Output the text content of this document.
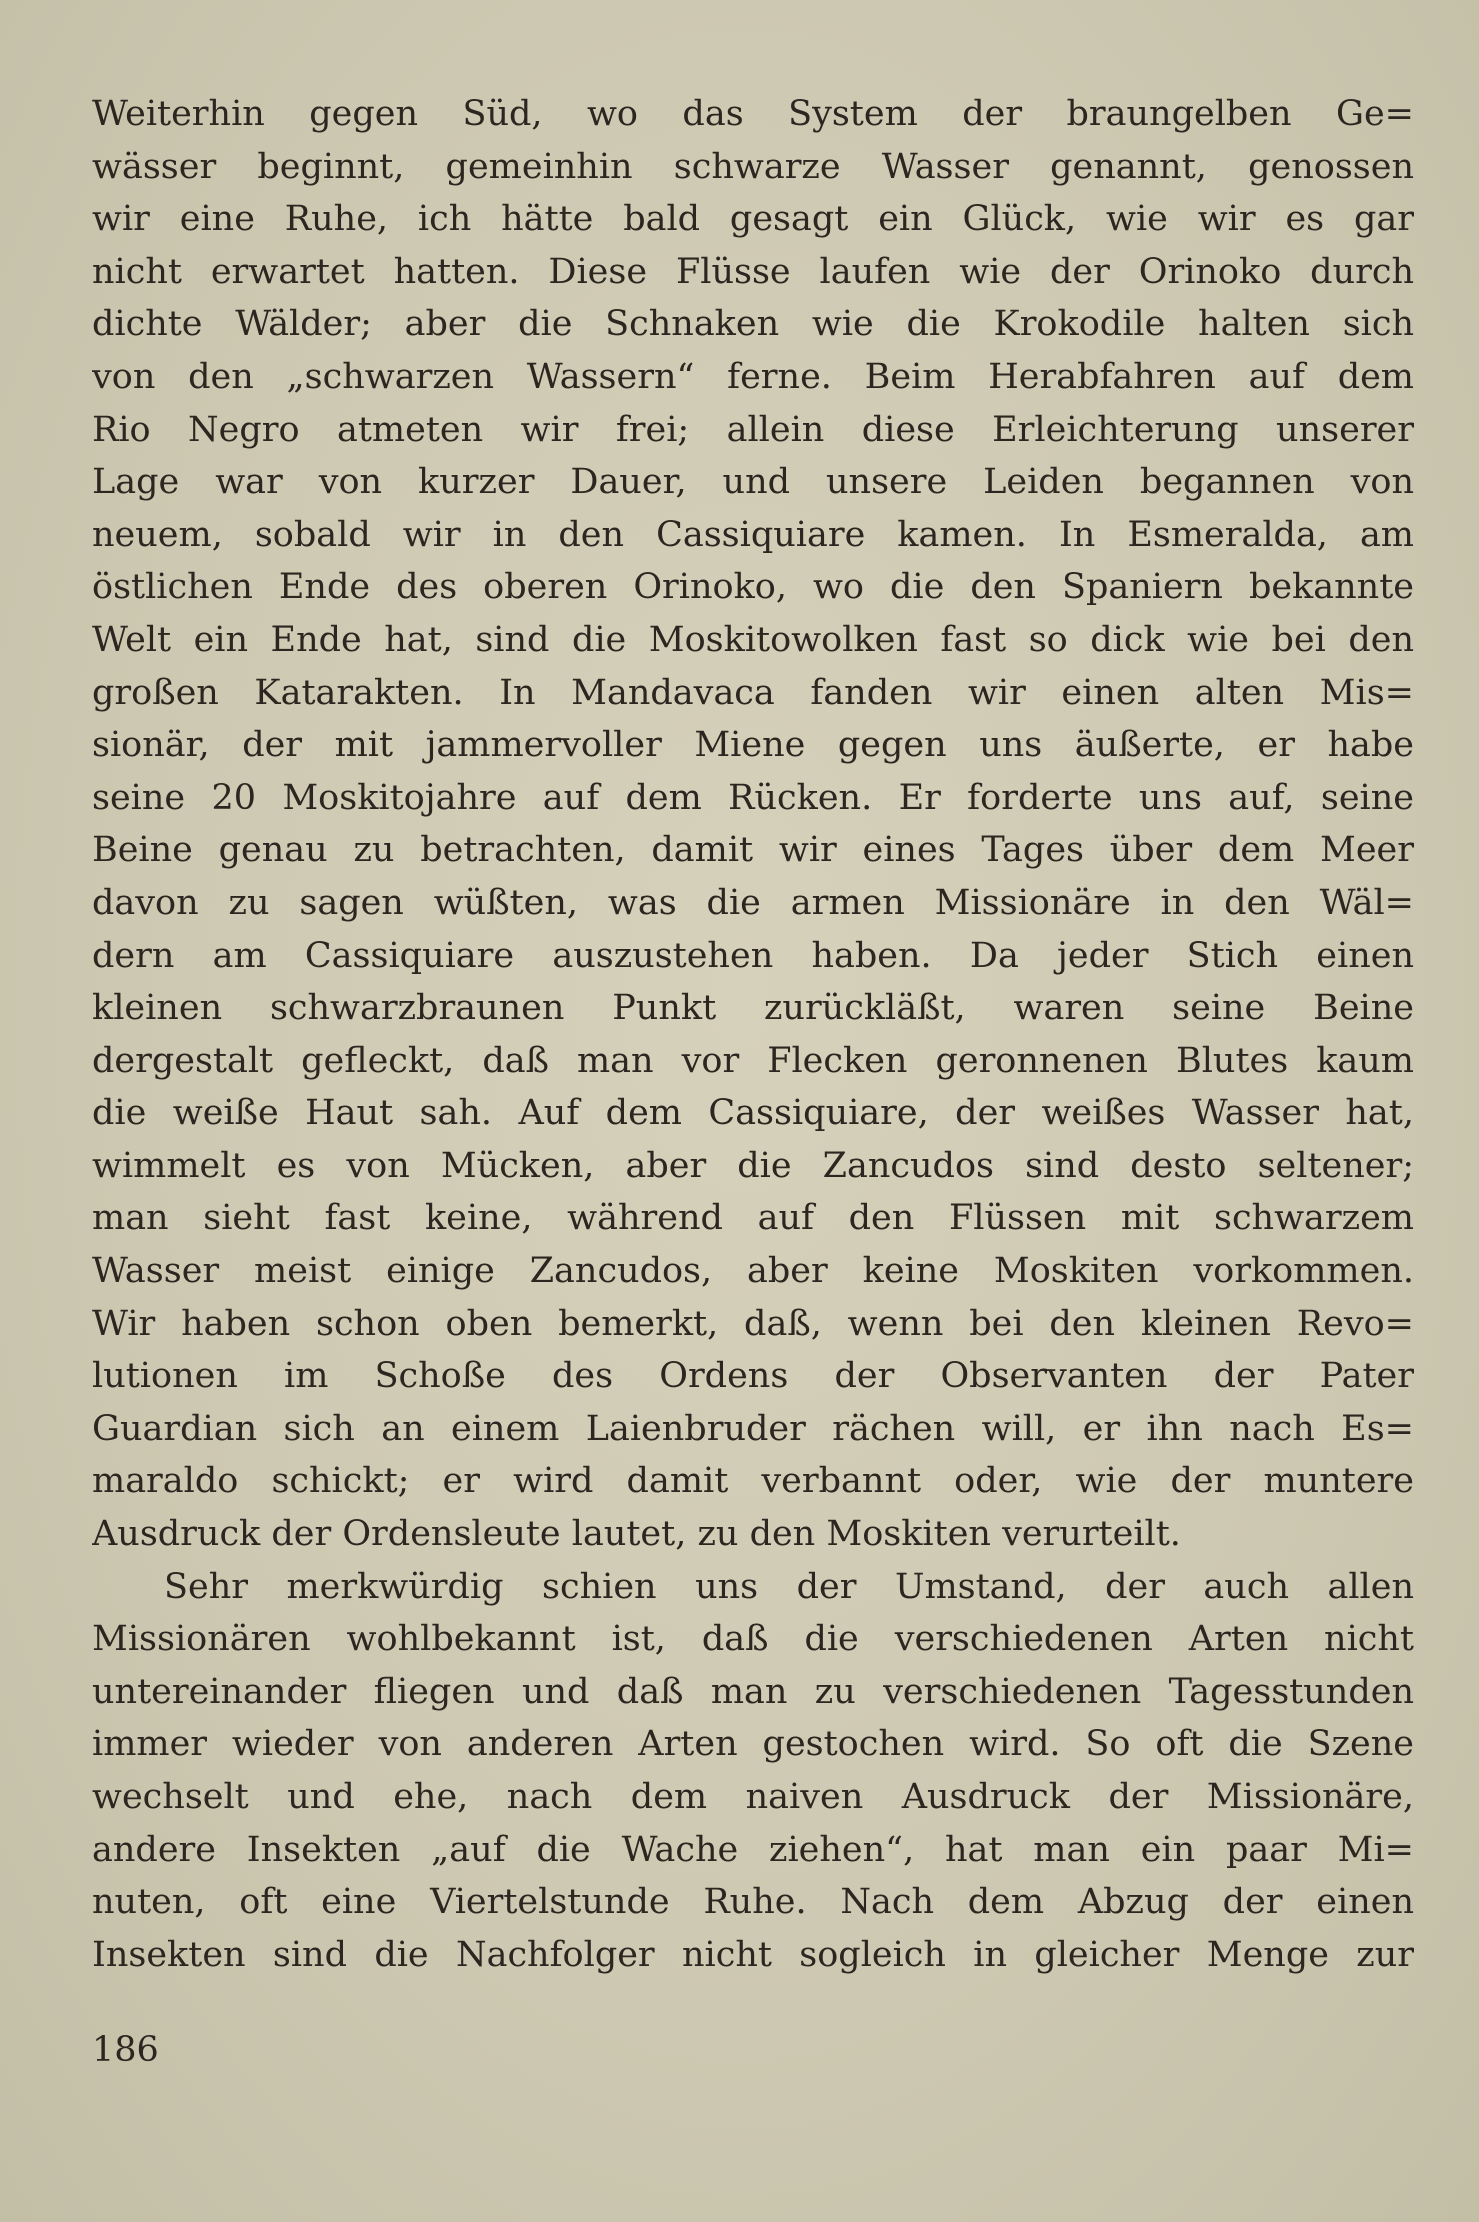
Weiterhin gegen Süd, wo das System der braungelben Ge=
wässer beginnt, gemeinhin schwarze Wasser genannt, genossen
wir eine Ruhe, ich hätte bald gesagt ein Glück, wie wir es gar
nicht erwartet hatten. Diese Flüsse laufen wie der Orinoko durch
dichte Wälder; aber die Schnaken wie die Krokodile halten sich
von den „schwarzen Wassern“ ferne. Beim Herabfahren auf dem
Rio Negro atmeten wir frei; allein diese Erleichterung unserer
Lage war von kurzer Dauer, und unsere Leiden begannen von
neuem, sobald wir in den Cassiquiare kamen. In Esmeralda, am
östlichen Ende des oberen Orinoko, wo die den Spaniern bekannte
Welt ein Ende hat, sind die Moskitowolken fast so dick wie bei den
großen Katarakten. In Mandavaca fanden wir einen alten Mis=
sionär, der mit jammervoller Miene gegen uns äußerte, er habe
seine 20 Moskitojahre auf dem Rücken. Er forderte uns auf, seine
Beine genau zu betrachten, damit wir eines Tages über dem Meer
davon zu sagen wüßten, was die armen Missionäre in den Wäl=
dern am Cassiquiare auszustehen haben. Da jeder Stich einen
kleinen schwarzbraunen Punkt zurückläßt, waren seine Beine
dergestalt gefleckt, daß man vor Flecken geronnenen Blutes kaum
die weiße Haut sah. Auf dem Cassiquiare, der weißes Wasser hat,
wimmelt es von Mücken, aber die Zancudos sind desto seltener;
man sieht fast keine, während auf den Flüssen mit schwarzem
Wasser meist einige Zancudos, aber keine Moskiten vorkommen.
Wir haben schon oben bemerkt, daß, wenn bei den kleinen Revo=
lutionen im Schoße des Ordens der Observanten der Pater
Guardian sich an einem Laienbruder rächen will, er ihn nach Es=
maraldo schickt; er wird damit verbannt oder, wie der muntere
Ausdruck der Ordensleute lautet, zu den Moskiten verurteilt.
Sehr merkwürdig schien uns der Umstand, der auch allen
Missionären wohlbekannt ist, daß die verschiedenen Arten nicht
untereinander fliegen und daß man zu verschiedenen Tagesstunden
immer wieder von anderen Arten gestochen wird. So oft die Szene
wechselt und ehe, nach dem naiven Ausdruck der Missionäre,
andere Insekten „auf die Wache ziehen“, hat man ein paar Mi=
nuten, oft eine Viertelstunde Ruhe. Nach dem Abzug der einen
Insekten sind die Nachfolger nicht sogleich in gleicher Menge zur
186
